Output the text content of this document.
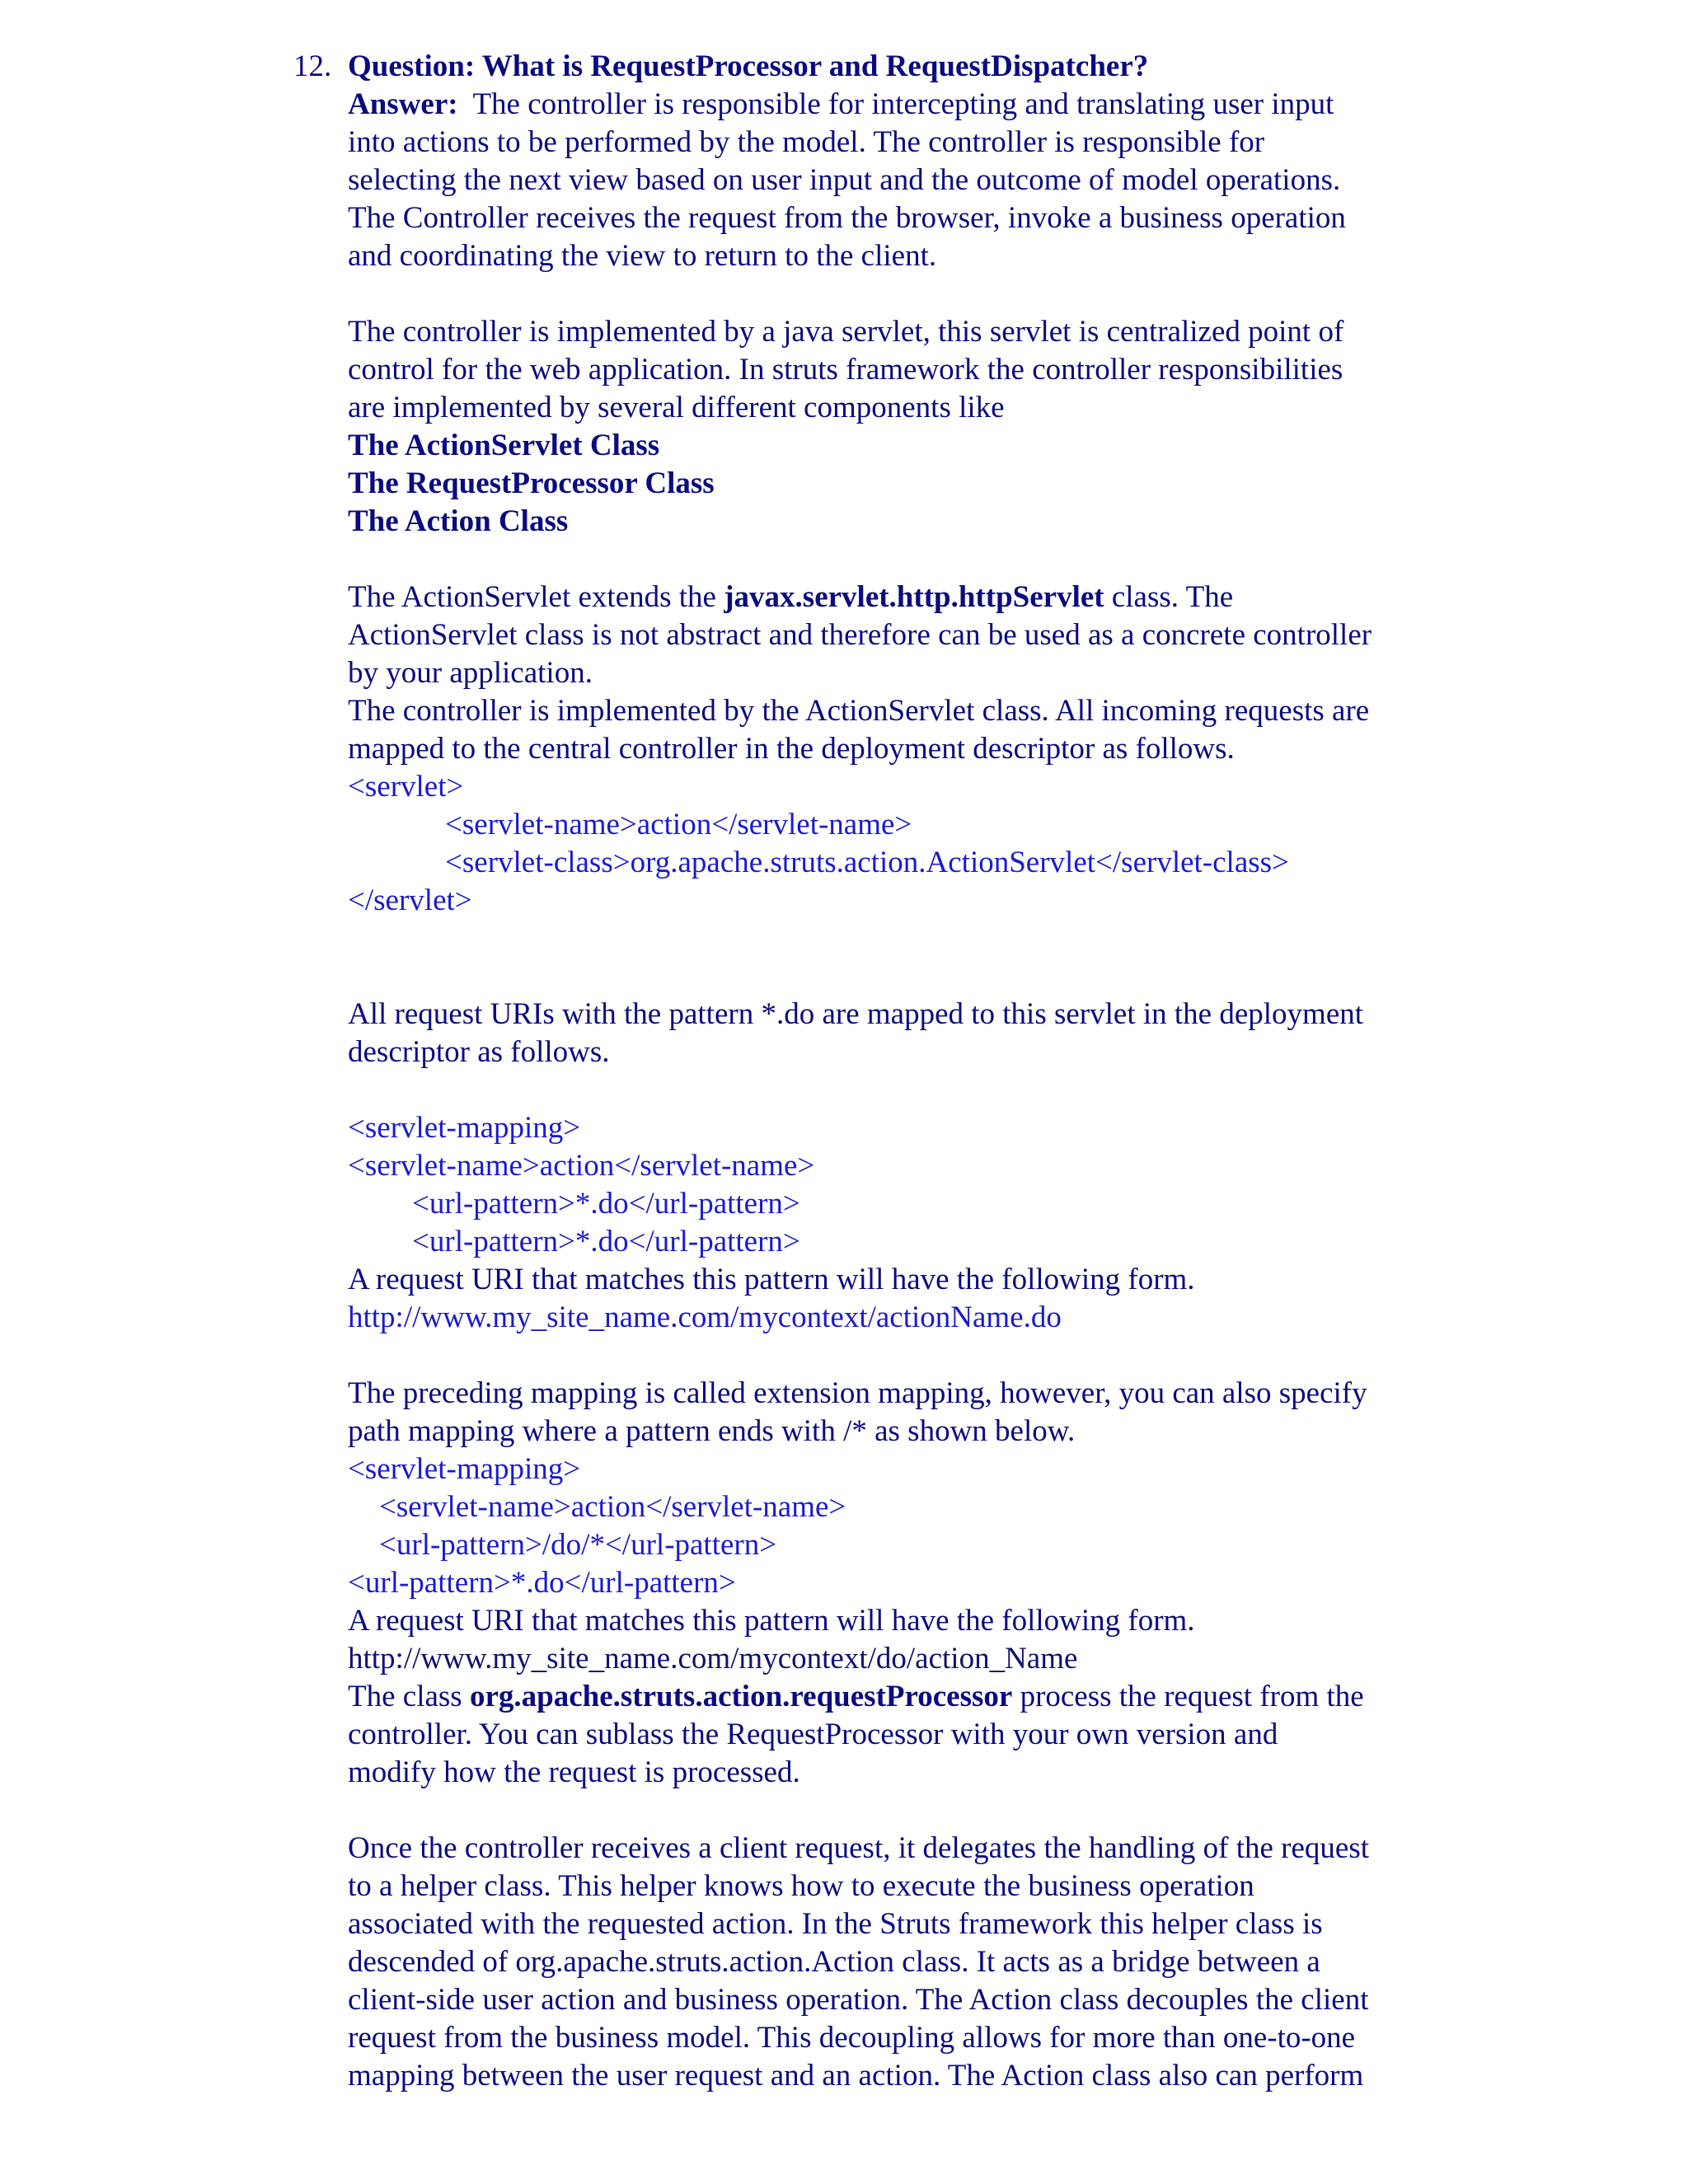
12. Question: What is RequestProcessor and RequestDispatcher?
Answer: The controller is responsible for intercepting and translating user input
into actions to be performed by the model. The controller is responsible for
selecting the next view based on user input and the outcome of model operations.
The Controller receives the request from the browser, invoke a business operation
and coordinating the view to return to the client.
The controller is implemented by a java servlet, this servlet is centralized point of
control for the web application. In struts framework the controller responsibilities
are implemented by several different components like
The ActionServlet Class
The RequestProcessor Class
The Action Class
The ActionServlet extends the javax.servlet.http.httpServlet class. The
ActionServlet class is not abstract and therefore can be used as a concrete controller
by your application.
The controller is implemented by the ActionServlet class. All incoming requests are
mapped to the central controller in the deployment descriptor as follows.
<servlet>
<servlet-name>action</servlet-name>
<servlet-class>org.apache.struts.action.ActionServlet</servlet-class>
</servlet>
All request URIs with the pattern *.do are mapped to this servlet in the deployment
descriptor as follows.
<servlet-mapping>
<servlet-name>action</servlet-name>
<url-pattern>*.do</url-pattern>
<url-pattern>*.do</url-pattern>
A request URI that matches this pattern will have the following form.
http://www.my_site_name.com/mycontext/actionName.do
The preceding mapping is called extension mapping, however, you can also specify
path mapping where a pattern ends with /* as shown below.
<servlet-mapping>
<servlet-name>action</servlet-name>
<url-pattern>/do/*</url-pattern>
<url-pattern>*.do</url-pattern>
A request URI that matches this pattern will have the following form.
http://www.my_site_name.com/mycontext/do/action_Name
The class org.apache.struts.action.requestProcessor process the request from the
controller. You can sublass the RequestProcessor with your own version and
modify how the request is processed.
Once the controller receives a client request, it delegates the handling of the request
to a helper class. This helper knows how to execute the business operation
associated with the requested action. In the Struts framework this helper class is
descended of org.apache.struts.action.Action class. It acts as a bridge between a
client-side user action and business operation. The Action class decouples the client
request from the business model. This decoupling allows for more than one-to-one
mapping between the user request and an action. The Action class also can perform
